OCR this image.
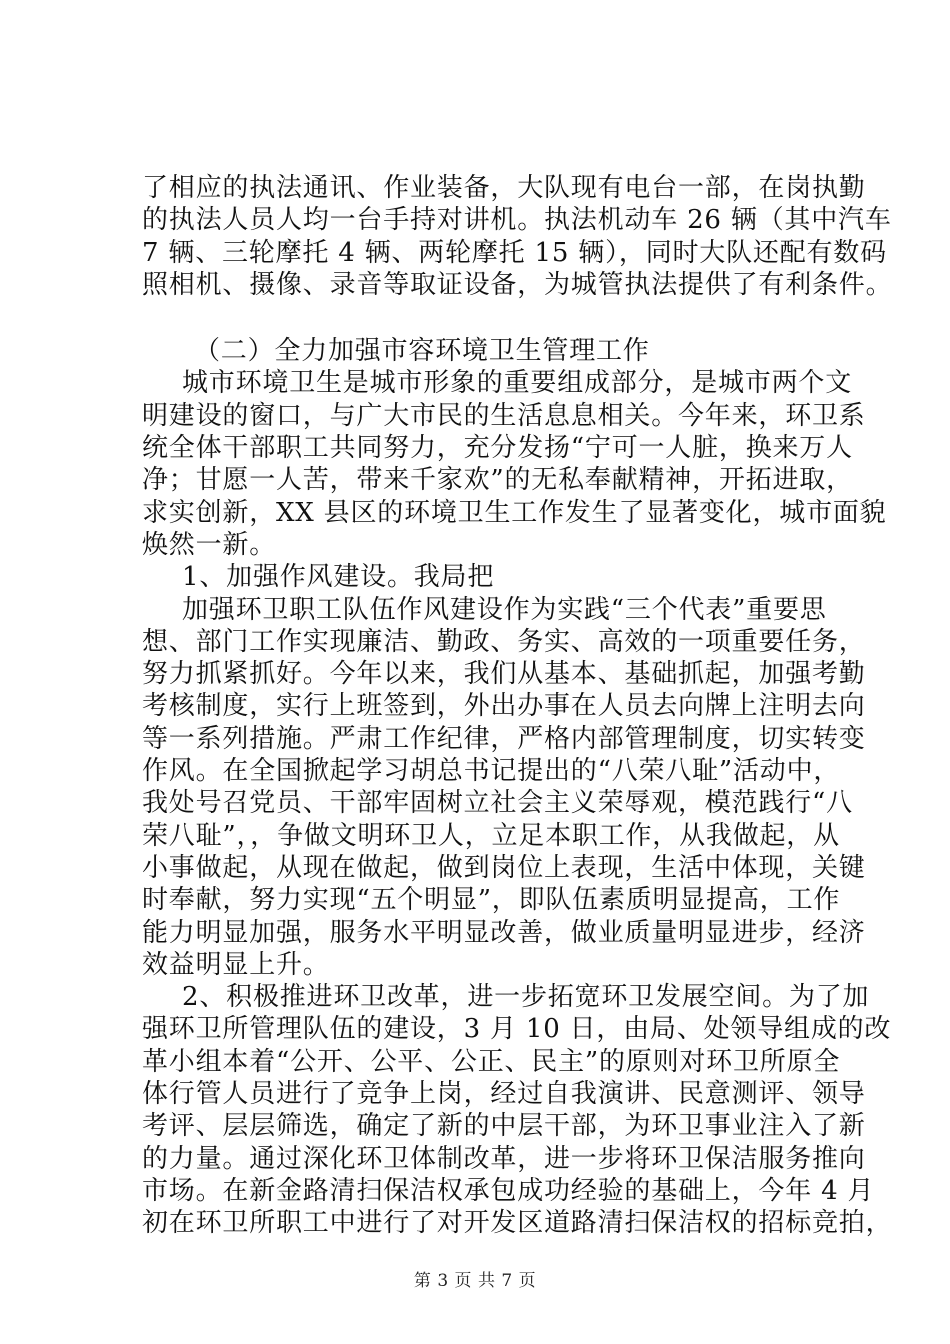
了相应的执法通讯、作业装备，大队现有电台一部，在岗执勤
的执法人员人均一台手持对讲机。执法机动车 26 辆（其中汽车
7 辆、三轮摩托 4 辆、两轮摩托 15 辆），同时大队还配有数码
照相机、摄像、录音等取证设备，为城管执法提供了有利条件。
（二）全力加强市容环境卫生管理工作
城市环境卫生是城市形象的重要组成部分，是城市两个文
明建设的窗口，与广大市民的生活息息相关。今年来，环卫系
统全体干部职工共同努力，充分发扬“宁可一人脏，换来万人
净；甘愿一人苦，带来千家欢”的无私奉献精神，开拓进取，
求实创新，XX 县区的环境卫生工作发生了显著变化，城市面貌
焕然一新。
1、加强作风建设。我局把
加强环卫职工队伍作风建设作为实践“三个代表”重要思
想、部门工作实现廉洁、勤政、务实、高效的一项重要任务，
努力抓紧抓好。今年以来，我们从基本、基础抓起，加强考勤
考核制度，实行上班签到，外出办事在人员去向牌上注明去向
等一系列措施。严肃工作纪律，严格内部管理制度，切实转变
作风。在全国掀起学习胡总书记提出的“八荣八耻”活动中，
我处号召党员、干部牢固树立社会主义荣辱观，模范践行“八
荣八耻”，，争做文明环卫人，立足本职工作，从我做起，从
小事做起，从现在做起，做到岗位上表现，生活中体现，关键
时奉献，努力实现“五个明显”，即队伍素质明显提高，工作
能力明显加强，服务水平明显改善，做业质量明显进步，经济
效益明显上升。
2、积极推进环卫改革，进一步拓宽环卫发展空间。为了加
强环卫所管理队伍的建设，3 月 10 日，由局、处领导组成的改
革小组本着“公开、公平、公正、民主”的原则对环卫所原全
体行管人员进行了竞争上岗，经过自我演讲、民意测评、领导
考评、层层筛选，确定了新的中层干部，为环卫事业注入了新
的力量。通过深化环卫体制改革，进一步将环卫保洁服务推向
市场。在新金路清扫保洁权承包成功经验的基础上，今年 4 月
初在环卫所职工中进行了对开发区道路清扫保洁权的招标竞拍，
第 3 页 共 7 页
